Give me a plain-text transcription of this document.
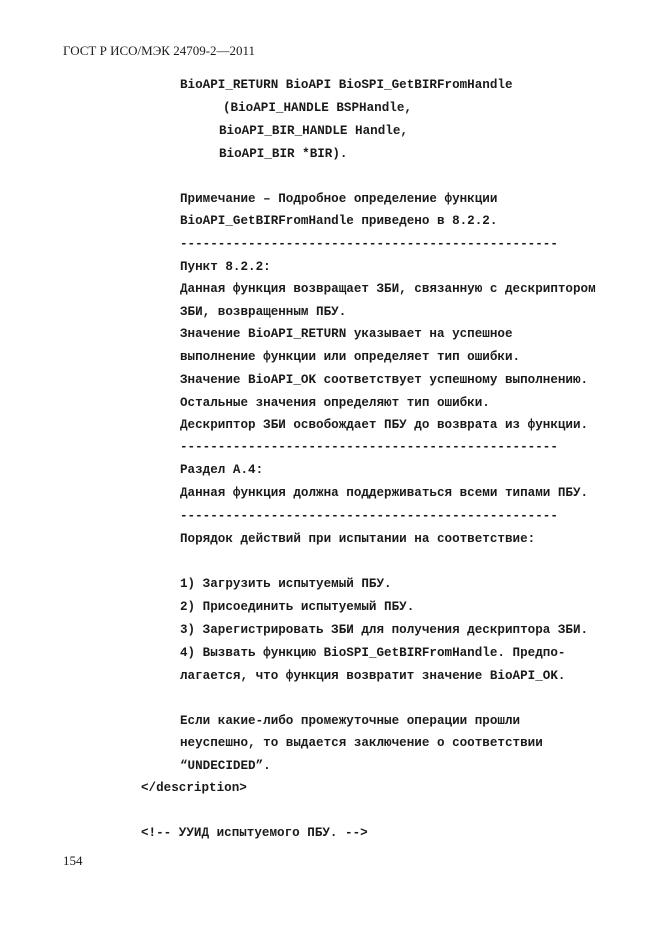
ГОСТ Р ИСО/МЭК 24709-2—2011
BioAPI_RETURN BioAPI BioSPI_GetBIRFromHandle
(BioAPI_HANDLE BSPHandle,
BioAPI_BIR_HANDLE Handle,
BioAPI_BIR *BIR).
Примечание – Подробное определение функции
BioAPI_GetBIRFromHandle приведено в 8.2.2.
--------------------------------------------------
Пункт 8.2.2:
Данная функция возвращает ЗБИ, связанную с дескриптором
ЗБИ, возвращенным ПБУ.
Значение BioAPI_RETURN указывает на успешное
выполнение функции или определяет тип ошибки.
Значение BioAPI_OK соответствует успешному выполнению.
Остальные значения определяют тип ошибки.
Дескриптор ЗБИ освобождает ПБУ до возврата из функции.
--------------------------------------------------
Раздел А.4:
Данная функция должна поддерживаться всеми типами ПБУ.
--------------------------------------------------
Порядок действий при испытании на соответствие:
1) Загрузить испытуемый ПБУ.
2) Присоединить испытуемый ПБУ.
3) Зарегистрировать ЗБИ для получения дескриптора ЗБИ.
4) Вызвать функцию BioSPI_GetBIRFromHandle. Предпо-
лагается, что функция возвратит значение BioAPI_OK.
Если какие-либо промежуточные операции прошли
неуспешно, то выдается заключение о соответствии
“UNDECIDED”.
</description>
<!-- УУИД испытуемого ПБУ. -->
154
